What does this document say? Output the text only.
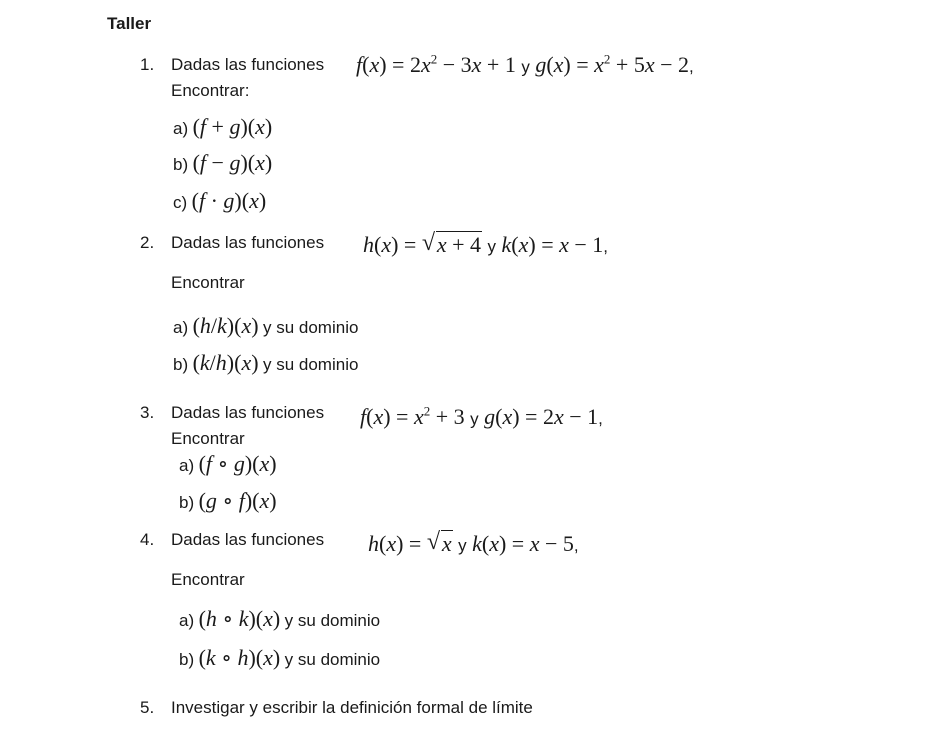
Taller
1. Dadas las funciones $f(x) = 2x^2 - 3x + 1$ y $g(x) = x^2 + 5x - 2$,
Encontrar:
a) (f + g)(x)
b) (f − g)(x)
c) (f · g)(x)
2. Dadas las funciones h(x) = √ x + 4 y k(x) = x − 1,
Encontrar
a) (h/k)(x) y su dominio
b) (k/h)(x) y su dominio
3. Dadas las funciones $f(x) = x^2 + 3$ y g(x) = 2x − 1,
Encontrar
a) (f ∘ g)(x)
b) (g ∘ f)(x)
4. Dadas las funciones h(x) = √ x y k(x) = x − 5,
Encontrar
a) (h ∘ k)(x) y su dominio
b) (k ∘ h)(x) y su dominio
5. Investigar y escribir la definición formal de límite
